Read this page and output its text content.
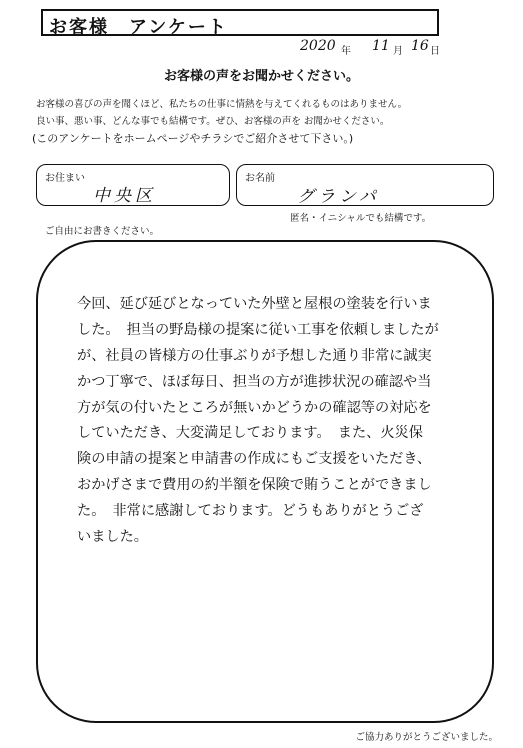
お客様　アンケート
2020 年 11 月 16 日
お客様の声をお聞かせください。
お客様の喜びの声を聞くほど、私たちの仕事に情熱を与えてくれるものはありません。
良い事、悪い事、どんな事でも結構です。ぜひ、お客様の声を お聞かせください。
(このアンケートをホームページやチラシでご紹介させて下さい。)
お住まい
中央区
お名前
グランパ
匿名・イニシャルでも結構です。
ご自由にお書きください。
今回、延び延びとなっていた外壁と屋根の塗装を行いま
した。　担当の野島様の提案に従い工事を依頼しましたが
が、社員の皆様方の仕事ぶりが予想した通り非常に誠実
かつ丁寧で、ほぼ毎日、担当の方が進捗状況の確認や当
方が気の付いたところが無いかどうかの確認等の対応を
していただき、大変満足しております。　また、火災保
険の申請の提案と申請書の作成にもご支援をいただき、
おかげさまで費用の約半額を保険で賄うことができまし
た。　非常に感謝しております。どうもありがとうござ
いました。
ご協力ありがとうございました。
